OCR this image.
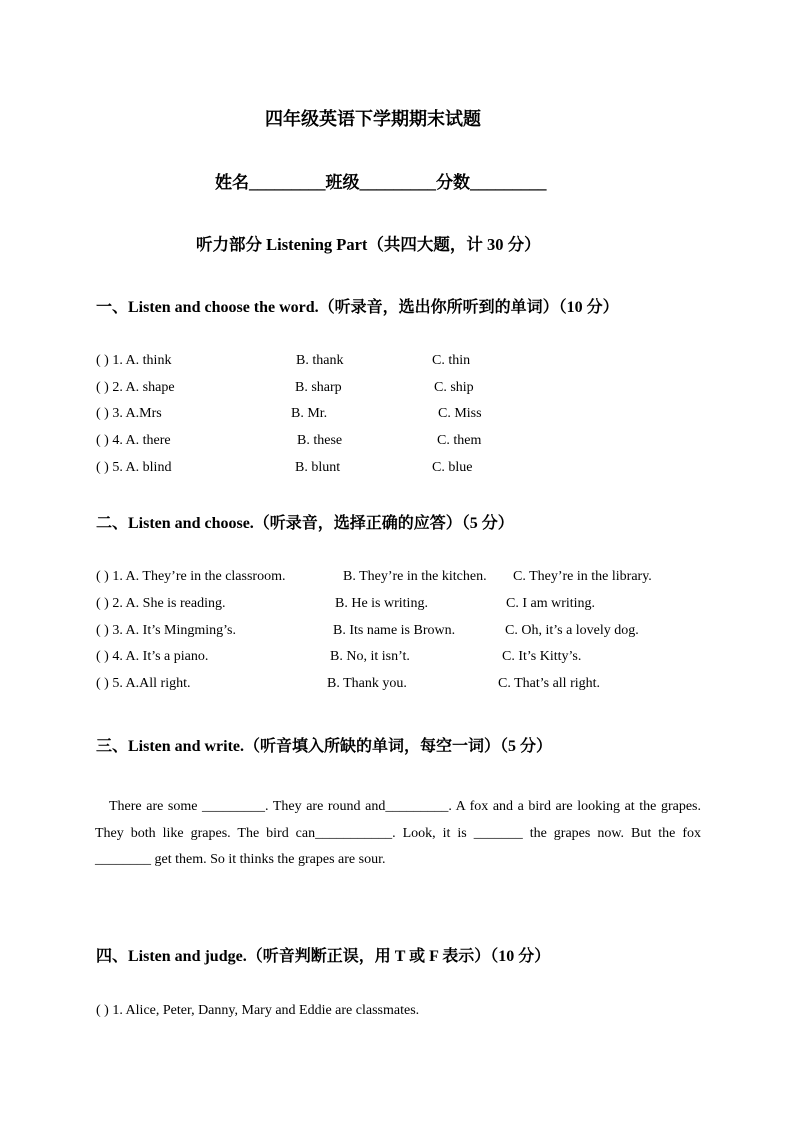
四年级英语下学期期末试题
姓名_________班级_________分数_________
听力部分 Listening Part（共四大题，计 30 分）
一、Listen and choose the word.（听录音，选出你所听到的单词）（10 分）
( ) 1. A. think	B. thank	C. thin
( ) 2. A. shape	B. sharp	C. ship
( ) 3. A.Mrs	B. Mr.	C. Miss
( ) 4. A. there	B. these	C. them
( ) 5. A. blind	B. blunt	C. blue
二、Listen and choose.（听录音，选择正确的应答）（5 分）
( ) 1. A. They’re in the classroom.	B. They’re in the kitchen. C. They’re in the library.
( ) 2. A. She is reading.	B. He is writing.	C. I am writing.
( ) 3. A. It’s Mingming’s.	B. Its name is Brown.	C. Oh, it’s a lovely dog.
( ) 4. A. It’s a piano.	B. No, it isn’t.	C. It’s Kitty’s.
( ) 5. A.All right.	B. Thank you.	C. That’s all right.
三、Listen and write.（听音填入所缺的单词，每空一词）（5 分）

There are some _________. They are round and_________. A fox and a bird are looking at the grapes. They both like grapes. The bird can___________. Look, it is _______ the grapes now. But the fox ________ get them. So it thinks the grapes are sour.

四、Listen and judge.（听音判断正误，用 T 或 F 表示）（10 分）
( ) 1. Alice, Peter, Danny, Mary and Eddie are classmates.
